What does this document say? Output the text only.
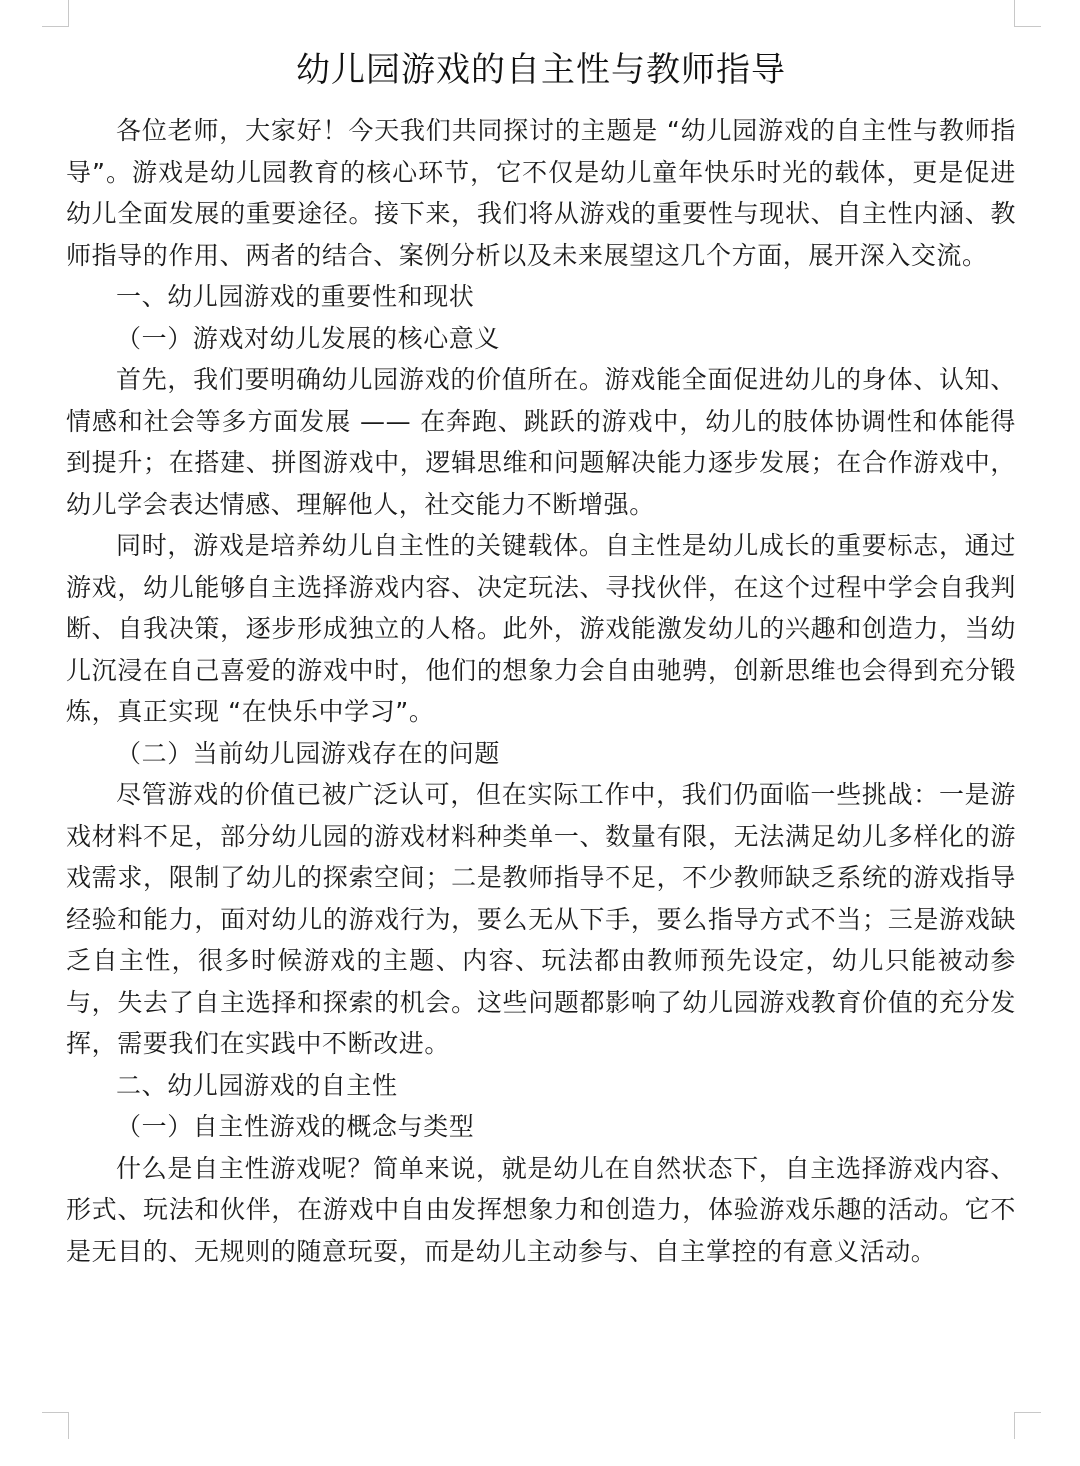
幼儿园游戏的自主性与教师指导

各位老师，大家好！今天我们共同探讨的主题是 “幼儿园游戏的自主性与教师指导”。游戏是幼儿园教育的核心环节，它不仅是幼儿童年快乐时光的载体，更是促进幼儿全面发展的重要途径。接下来，我们将从游戏的重要性与现状、自主性内涵、教师指导的作用、两者的结合、案例分析以及未来展望这几个方面，展开深入交流。

一、幼儿园游戏的重要性和现状

（一）游戏对幼儿发展的核心意义

首先，我们要明确幼儿园游戏的价值所在。游戏能全面促进幼儿的身体、认知、情感和社会等多方面发展 —— 在奔跑、跳跃的游戏中，幼儿的肢体协调性和体能得到提升；在搭建、拼图游戏中，逻辑思维和问题解决能力逐步发展；在合作游戏中，幼儿学会表达情感、理解他人，社交能力不断增强。

同时，游戏是培养幼儿自主性的关键载体。自主性是幼儿成长的重要标志，通过游戏，幼儿能够自主选择游戏内容、决定玩法、寻找伙伴，在这个过程中学会自我判断、自我决策，逐步形成独立的人格。此外，游戏能激发幼儿的兴趣和创造力，当幼儿沉浸在自己喜爱的游戏中时，他们的想象力会自由驰骋，创新思维也会得到充分锻炼，真正实现 “在快乐中学习”。

（二）当前幼儿园游戏存在的问题

尽管游戏的价值已被广泛认可，但在实际工作中，我们仍面临一些挑战：一是游戏材料不足，部分幼儿园的游戏材料种类单一、数量有限，无法满足幼儿多样化的游戏需求，限制了幼儿的探索空间；二是教师指导不足，不少教师缺乏系统的游戏指导经验和能力，面对幼儿的游戏行为，要么无从下手，要么指导方式不当；三是游戏缺乏自主性，很多时候游戏的主题、内容、玩法都由教师预先设定，幼儿只能被动参与，失去了自主选择和探索的机会。这些问题都影响了幼儿园游戏教育价值的充分发挥，需要我们在实践中不断改进。

二、幼儿园游戏的自主性

（一）自主性游戏的概念与类型

什么是自主性游戏呢？简单来说，就是幼儿在自然状态下，自主选择游戏内容、形式、玩法和伙伴，在游戏中自由发挥想象力和创造力，体验游戏乐趣的活动。它不是无目的、无规则的随意玩耍，而是幼儿主动参与、自主掌控的有意义活动。
